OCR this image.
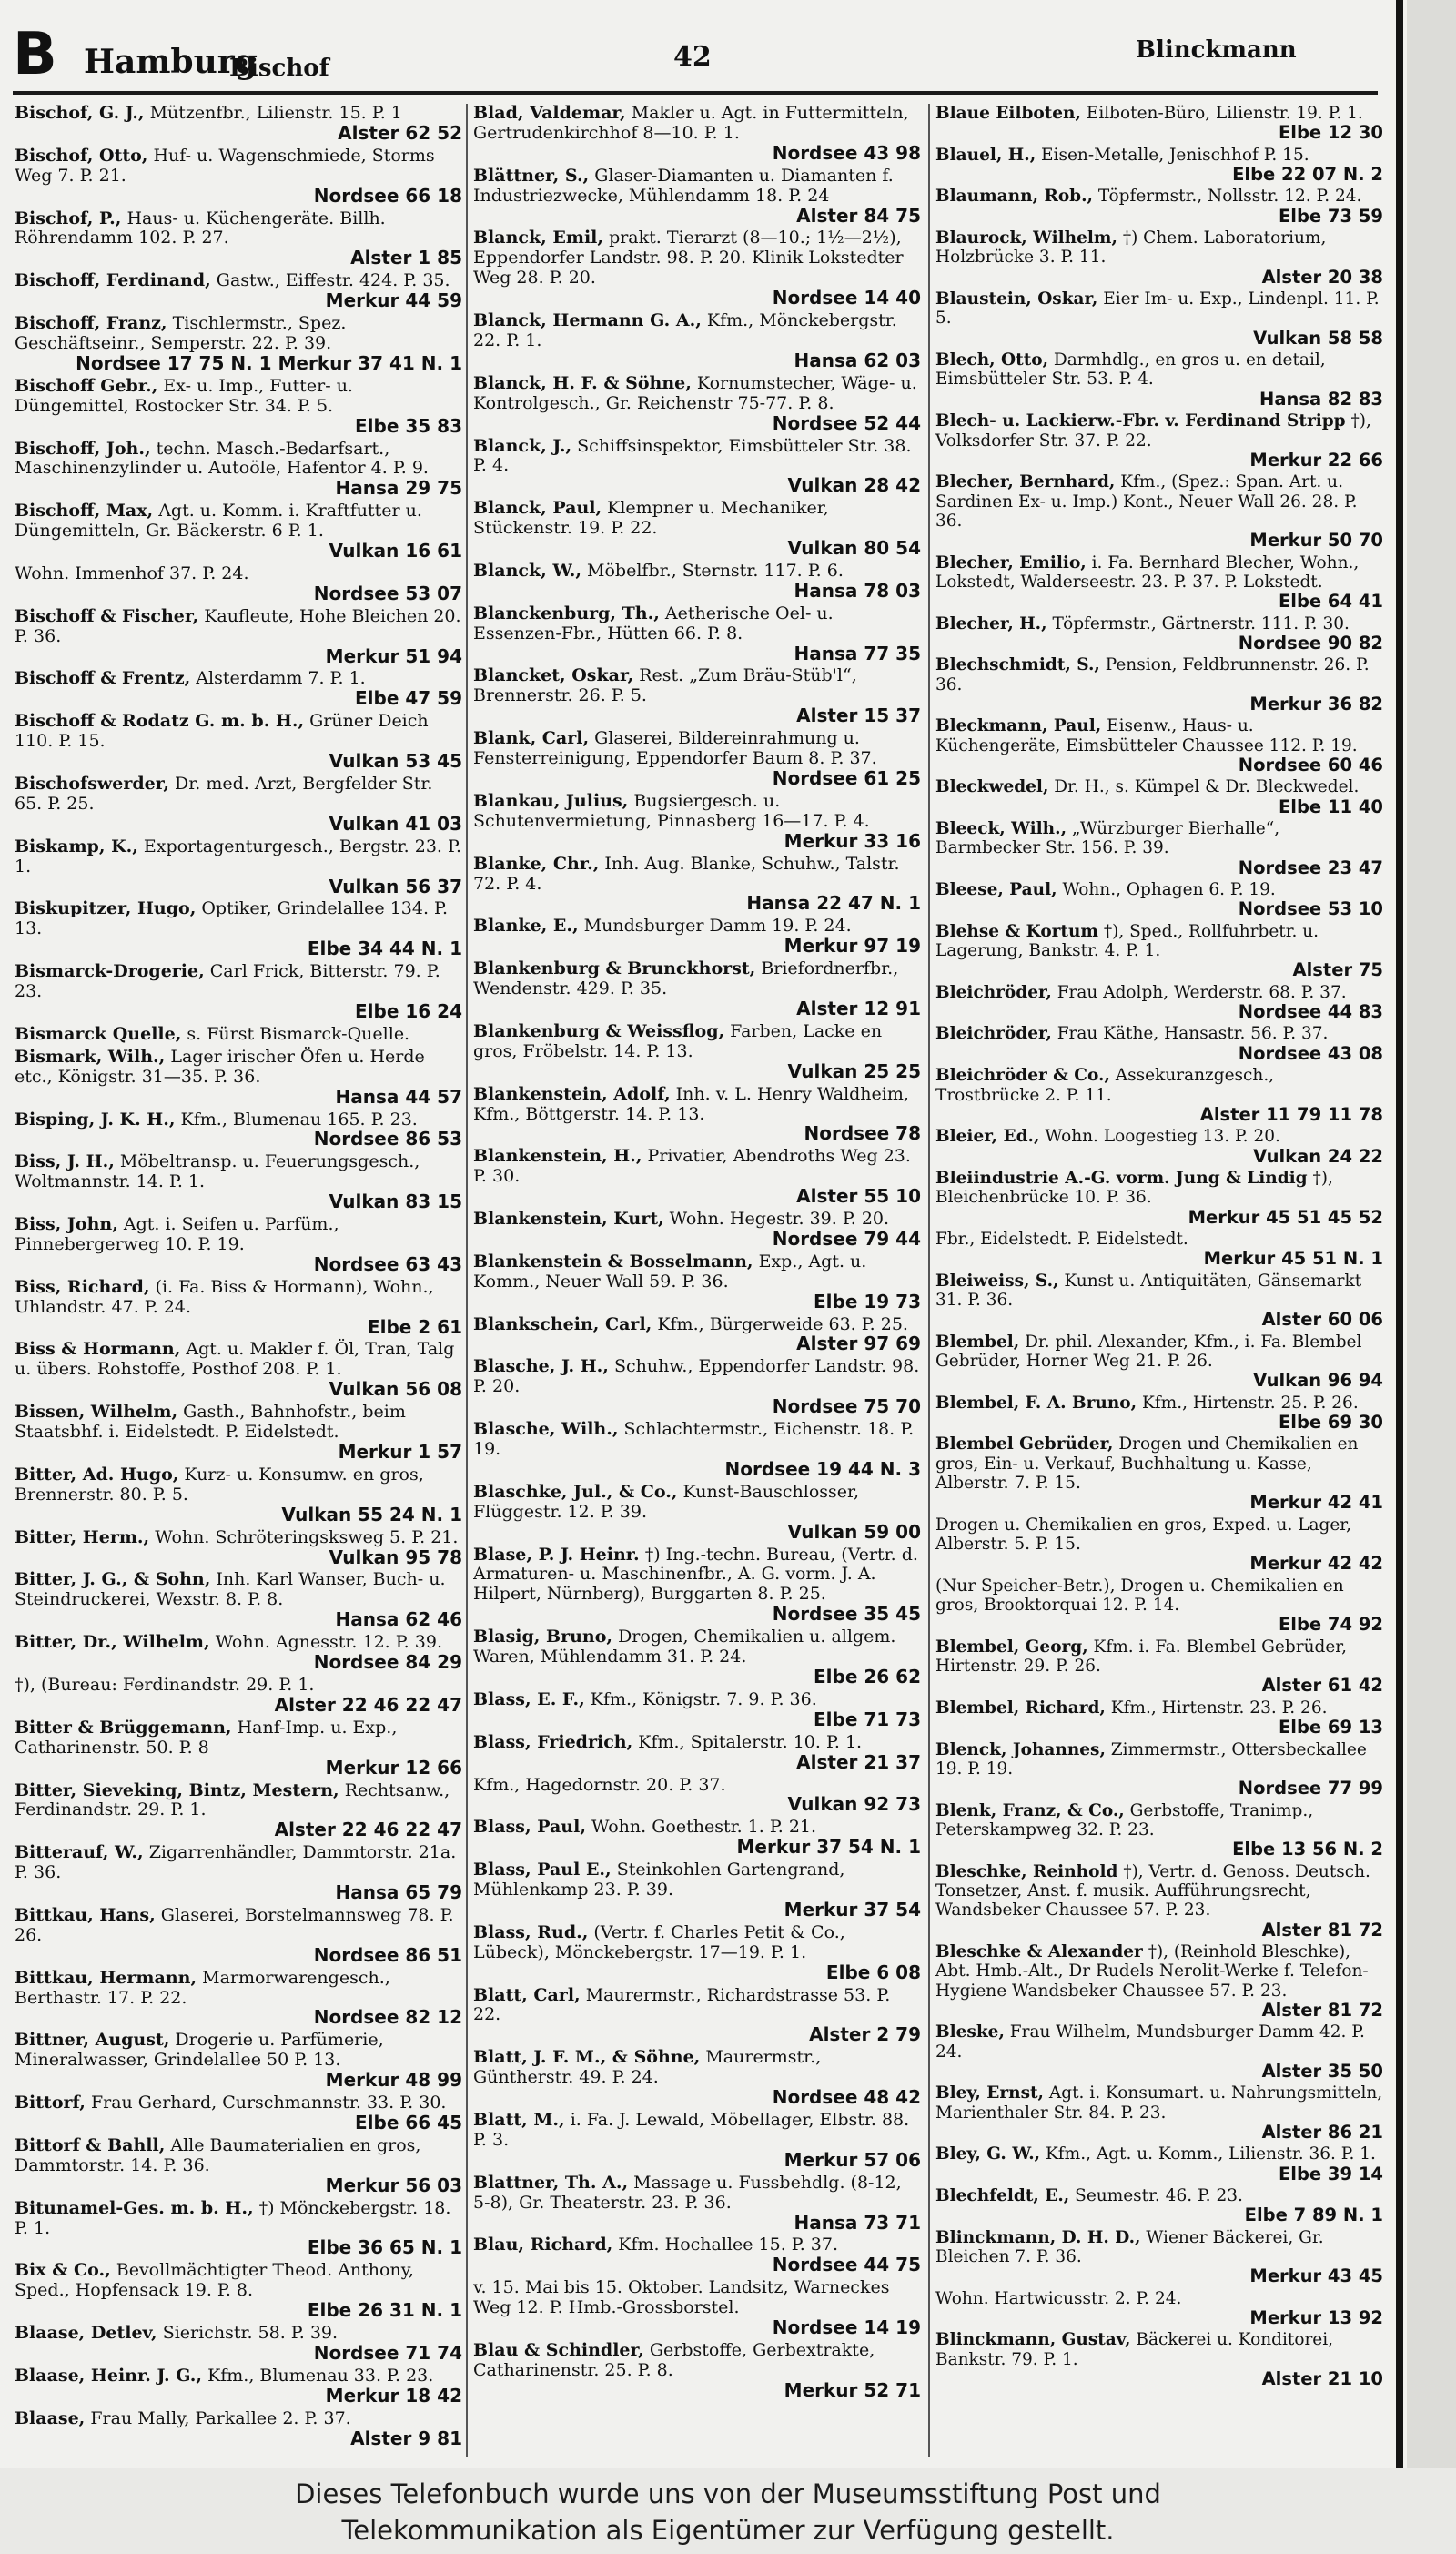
B Hamburg
Bischof	42	Blinckmann
Bischof, G. J., Mützenfbr., Lilienstr. 15. P. 1
Alster 62 52
Bischof, Otto, Huf- u. Wagenschmiede, Storms Weg 7. P. 21.
Nordsee 66 18
Bischof, P., Haus- u. Küchengeräte. Billh. Röhrendamm 102. P. 27.
Alster 1 85
Bischoff, Ferdinand, Gastw., Eiffestr. 424. P. 35.
Merkur 44 59
Bischoff, Franz, Tischlermstr., Spez. Geschäftseinr., Semperstr. 22. P. 39.
Nordsee 17 75 N. 1 Merkur 37 41 N. 1
Bischoff Gebr., Ex- u. Imp., Futter- u. Düngemittel, Rostocker Str. 34. P. 5.
Elbe 35 83
Bischoff, Joh., techn. Masch.-Bedarfsart., Maschinenzylinder u. Autoöle, Hafentor 4. P. 9.
Hansa 29 75
Bischoff, Max, Agt. u. Komm. i. Kraftfutter u. Düngemitteln, Gr. Bäckerstr. 6 P. 1.
Vulkan 16 61
Wohn. Immenhof 37. P. 24.
Nordsee 53 07
Bischoff & Fischer, Kaufleute, Hohe Bleichen 20. P. 36.
Merkur 51 94
Bischoff & Frentz, Alsterdamm 7. P. 1.
Elbe 47 59
Bischoff & Rodatz G. m. b. H., Grüner Deich 110. P. 15.
Vulkan 53 45
Bischofswerder, Dr. med. Arzt, Bergfelder Str. 65. P. 25.
Vulkan 41 03
Biskamp, K., Exportagenturgesch., Bergstr. 23. P. 1.
Vulkan 56 37
Biskupitzer, Hugo, Optiker, Grindelallee 134. P. 13.
Elbe 34 44 N. 1
Bismarck-Drogerie, Carl Frick, Bitterstr. 79. P. 23.
Elbe 16 24
Bismarck Quelle, s. Fürst Bismarck-Quelle.
Bismark, Wilh., Lager irischer Öfen u. Herde etc., Königstr. 31—35. P. 36.
Hansa 44 57
Bisping, J. K. H., Kfm., Blumenau 165. P. 23.
Nordsee 86 53
Biss, J. H., Möbeltransp. u. Feuerungsgesch., Woltmannstr. 14. P. 1.
Vulkan 83 15
Biss, John, Agt. i. Seifen u. Parfüm., Pinnebergerweg 10. P. 19.
Nordsee 63 43
Biss, Richard, (i. Fa. Biss & Hormann), Wohn., Uhlandstr. 47. P. 24.
Elbe 2 61
Biss & Hormann, Agt. u. Makler f. Öl, Tran, Talg u. übers. Rohstoffe, Posthof 208. P. 1.
Vulkan 56 08
Bissen, Wilhelm, Gasth., Bahnhofstr., beim Staatsbhf. i. Eidelstedt. P. Eidelstedt.
Merkur 1 57
Bitter, Ad. Hugo, Kurz- u. Konsumw. en gros, Brennerstr. 80. P. 5.
Vulkan 55 24 N. 1
Bitter, Herm., Wohn. Schröteringsksweg 5. P. 21.
Vulkan 95 78
Bitter, J. G., & Sohn, Inh. Karl Wanser, Buch- u. Steindruckerei, Wexstr. 8. P. 8.
Hansa 62 46
Bitter, Dr., Wilhelm, Wohn. Agnesstr. 12. P. 39.
Nordsee 84 29
†), (Bureau: Ferdinandstr. 29. P. 1.
Alster 22 46 22 47
Bitter & Brüggemann, Hanf-Imp. u. Exp., Catharinenstr. 50. P. 8
Merkur 12 66
Bitter, Sieveking, Bintz, Mestern, Rechtsanw., Ferdinandstr. 29. P. 1.
Alster 22 46 22 47
Bitterauf, W., Zigarrenhändler, Dammtorstr. 21a. P. 36.
Hansa 65 79
Bittkau, Hans, Glaserei, Borstelmannsweg 78. P. 26.
Nordsee 86 51
Bittkau, Hermann, Marmorwarengesch., Berthastr. 17. P. 22.
Nordsee 82 12
Bittner, August, Drogerie u. Parfümerie, Mineralwasser, Grindelallee 50 P. 13.
Merkur 48 99
Bittorf, Frau Gerhard, Curschmannstr. 33. P. 30.
Elbe 66 45
Bittorf & Bahll, Alle Baumaterialien en gros, Dammtorstr. 14. P. 36.
Merkur 56 03
Bitunamel-Ges. m. b. H., †) Mönckebergstr. 18. P. 1.
Elbe 36 65 N. 1
Bix & Co., Bevollmächtigter Theod. Anthony, Sped., Hopfensack 19. P. 8.
Elbe 26 31 N. 1
Blaase, Detlev, Sierichstr. 58. P. 39.
Nordsee 71 74
Blaase, Heinr. J. G., Kfm., Blumenau 33. P. 23.
Merkur 18 42
Blaase, Frau Mally, Parkallee 2. P. 37.
Alster 9 81
Blad, Valdemar, Makler u. Agt. in Futtermitteln, Gertrudenkirchhof 8—10. P. 1.
Nordsee 43 98
Blättner, S., Glaser-Diamanten u. Diamanten f. Industriezwecke, Mühlendamm 18. P. 24
Alster 84 75
Blanck, Emil, prakt. Tierarzt (8—10.; 1½—2½), Eppendorfer Landstr. 98. P. 20. Klinik Lokstedter Weg 28. P. 20.
Nordsee 14 40
Blanck, Hermann G. A., Kfm., Mönckebergstr. 22. P. 1.
Hansa 62 03
Blanck, H. F. & Söhne, Kornumstecher, Wäge- u. Kontrolgesch., Gr. Reichenstr 75-77. P. 8.
Nordsee 52 44
Blanck, J., Schiffsinspektor, Eimsbütteler Str. 38. P. 4.
Vulkan 28 42
Blanck, Paul, Klempner u. Mechaniker, Stückenstr. 19. P. 22.
Vulkan 80 54
Blanck, W., Möbelfbr., Sternstr. 117. P. 6.
Hansa 78 03
Blanckenburg, Th., Aetherische Oel- u. Essenzen-Fbr., Hütten 66. P. 8.
Hansa 77 35
Blancket, Oskar, Rest. „Zum Bräu-Stüb'l“, Brennerstr. 26. P. 5.
Alster 15 37
Blank, Carl, Glaserei, Bildereinrahmung u. Fensterreinigung, Eppendorfer Baum 8. P. 37.
Nordsee 61 25
Blankau, Julius, Bugsiergesch. u. Schutenvermietung, Pinnasberg 16—17. P. 4.
Merkur 33 16
Blanke, Chr., Inh. Aug. Blanke, Schuhw., Talstr. 72. P. 4.
Hansa 22 47 N. 1
Blanke, E., Mundsburger Damm 19. P. 24.
Merkur 97 19
Blankenburg & Brunckhorst, Briefordnerfbr., Wendenstr. 429. P. 35.
Alster 12 91
Blankenburg & Weissflog, Farben, Lacke en gros, Fröbelstr. 14. P. 13.
Vulkan 25 25
Blankenstein, Adolf, Inh. v. L. Henry Waldheim, Kfm., Böttgerstr. 14. P. 13.
Nordsee 78
Blankenstein, H., Privatier, Abendroths Weg 23. P. 30.
Alster 55 10
Blankenstein, Kurt, Wohn. Hegestr. 39. P. 20.
Nordsee 79 44
Blankenstein & Bosselmann, Exp., Agt. u. Komm., Neuer Wall 59. P. 36.
Elbe 19 73
Blankschein, Carl, Kfm., Bürgerweide 63. P. 25.
Alster 97 69
Blasche, J. H., Schuhw., Eppendorfer Landstr. 98. P. 20.
Nordsee 75 70
Blasche, Wilh., Schlachtermstr., Eichenstr. 18. P. 19.
Nordsee 19 44 N. 3
Blaschke, Jul., & Co., Kunst-Bauschlosser, Flüggestr. 12. P. 39.
Vulkan 59 00
Blase, P. J. Heinr. †) Ing.-techn. Bureau, (Vertr. d. Armaturen- u. Maschinenfbr., A. G. vorm. J. A. Hilpert, Nürnberg), Burggarten 8. P. 25.
Nordsee 35 45
Blasig, Bruno, Drogen, Chemikalien u. allgem. Waren, Mühlendamm 31. P. 24.
Elbe 26 62
Blass, E. F., Kfm., Königstr. 7. 9. P. 36.
Elbe 71 73
Blass, Friedrich, Kfm., Spitalerstr. 10. P. 1.
Alster 21 37
Kfm., Hagedornstr. 20. P. 37.
Vulkan 92 73
Blass, Paul, Wohn. Goethestr. 1. P. 21.
Merkur 37 54 N. 1
Blass, Paul E., Steinkohlen Gartengrand, Mühlenkamp 23. P. 39.
Merkur 37 54
Blass, Rud., (Vertr. f. Charles Petit & Co., Lübeck), Mönckebergstr. 17—19. P. 1.
Elbe 6 08
Blatt, Carl, Maurermstr., Richardstrasse 53. P. 22.
Alster 2 79
Blatt, J. F. M., & Söhne, Maurermstr., Güntherstr. 49. P. 24.
Nordsee 48 42
Blatt, M., i. Fa. J. Lewald, Möbellager, Elbstr. 88. P. 3.
Merkur 57 06
Blattner, Th. A., Massage u. Fussbehdlg. (8-12, 5-8), Gr. Theaterstr. 23. P. 36.
Hansa 73 71
Blau, Richard, Kfm. Hochallee 15. P. 37.
Nordsee 44 75
v. 15. Mai bis 15. Oktober. Landsitz, Warneckes Weg 12. P. Hmb.-Grossborstel.
Nordsee 14 19
Blau & Schindler, Gerbstoffe, Gerbextrakte, Catharinenstr. 25. P. 8.
Merkur 52 71
Blaue Eilboten, Eilboten-Büro, Lilienstr. 19. P. 1.
Elbe 12 30
Blauel, H., Eisen-Metalle, Jenischhof P. 15.
Elbe 22 07 N. 2
Blaumann, Rob., Töpfermstr., Nollsstr. 12. P. 24.
Elbe 73 59
Blaurock, Wilhelm, †) Chem. Laboratorium, Holzbrücke 3. P. 11.
Alster 20 38
Blaustein, Oskar, Eier Im- u. Exp., Lindenpl. 11. P. 5.
Vulkan 58 58
Blech, Otto, Darmhdlg., en gros u. en detail, Eimsbütteler Str. 53. P. 4.
Hansa 82 83
Blech- u. Lackierw.-Fbr. v. Ferdinand Stripp †), Volksdorfer Str. 37. P. 22.
Merkur 22 66
Blecher, Bernhard, Kfm., (Spez.: Span. Art. u. Sardinen Ex- u. Imp.) Kont., Neuer Wall 26. 28. P. 36.
Merkur 50 70
Blecher, Emilio, i. Fa. Bernhard Blecher, Wohn., Lokstedt, Walderseestr. 23. P. 37. P. Lokstedt.
Elbe 64 41
Blecher, H., Töpfermstr., Gärtnerstr. 111. P. 30.
Nordsee 90 82
Blechschmidt, S., Pension, Feldbrunnenstr. 26. P. 36.
Merkur 36 82
Bleckmann, Paul, Eisenw., Haus- u. Küchengeräte, Eimsbütteler Chaussee 112. P. 19.
Nordsee 60 46
Bleckwedel, Dr. H., s. Kümpel & Dr. Bleckwedel.
Elbe 11 40
Bleeck, Wilh., „Würzburger Bierhalle“, Barmbecker Str. 156. P. 39.
Nordsee 23 47
Bleese, Paul, Wohn., Ophagen 6. P. 19.
Nordsee 53 10
Blehse & Kortum †), Sped., Rollfuhrbetr. u. Lagerung, Bankstr. 4. P. 1.
Alster 75
Bleichröder, Frau Adolph, Werderstr. 68. P. 37.
Nordsee 44 83
Bleichröder, Frau Käthe, Hansastr. 56. P. 37.
Nordsee 43 08
Bleichröder & Co., Assekuranzgesch., Trostbrücke 2. P. 11.
Alster 11 79 11 78
Bleier, Ed., Wohn. Loogestieg 13. P. 20.
Vulkan 24 22
Bleiindustrie A.-G. vorm. Jung & Lindig †), Bleichenbrücke 10. P. 36.
Merkur 45 51 45 52
Fbr., Eidelstedt. P. Eidelstedt.
Merkur 45 51 N. 1
Bleiweiss, S., Kunst u. Antiquitäten, Gänsemarkt 31. P. 36.
Alster 60 06
Blembel, Dr. phil. Alexander, Kfm., i. Fa. Blembel Gebrüder, Horner Weg 21. P. 26.
Vulkan 96 94
Blembel, F. A. Bruno, Kfm., Hirtenstr. 25. P. 26.
Elbe 69 30
Blembel Gebrüder, Drogen und Chemikalien en gros, Ein- u. Verkauf, Buchhaltung u. Kasse, Alberstr. 7. P. 15.
Merkur 42 41
Drogen u. Chemikalien en gros, Exped. u. Lager, Alberstr. 5. P. 15.
Merkur 42 42
(Nur Speicher-Betr.), Drogen u. Chemikalien en gros, Brooktorquai 12. P. 14.
Elbe 74 92
Blembel, Georg, Kfm. i. Fa. Blembel Gebrüder, Hirtenstr. 29. P. 26.
Alster 61 42
Blembel, Richard, Kfm., Hirtenstr. 23. P. 26.
Elbe 69 13
Blenck, Johannes, Zimmermstr., Ottersbeckallee 19. P. 19.
Nordsee 77 99
Blenk, Franz, & Co., Gerbstoffe, Tranimp., Peterskampweg 32. P. 23.
Elbe 13 56 N. 2
Bleschke, Reinhold †), Vertr. d. Genoss. Deutsch. Tonsetzer, Anst. f. musik. Aufführungsrecht, Wandsbeker Chaussee 57. P. 23.
Alster 81 72
Bleschke & Alexander †), (Reinhold Bleschke), Abt. Hmb.-Alt., Dr Rudels Nerolit-Werke f. Telefon-Hygiene Wandsbeker Chaussee 57. P. 23.
Alster 81 72
Bleske, Frau Wilhelm, Mundsburger Damm 42. P. 24.
Alster 35 50
Bley, Ernst, Agt. i. Konsumart. u. Nahrungsmitteln, Marienthaler Str. 84. P. 23.
Alster 86 21
Bley, G. W., Kfm., Agt. u. Komm., Lilienstr. 36. P. 1.
Elbe 39 14
Blechfeldt, E., Seumestr. 46. P. 23.
Elbe 7 89 N. 1
Blinckmann, D. H. D., Wiener Bäckerei, Gr. Bleichen 7. P. 36.
Merkur 43 45
Wohn. Hartwicusstr. 2. P. 24.
Merkur 13 92
Blinckmann, Gustav, Bäckerei u. Konditorei, Bankstr. 79. P. 1.
Alster 21 10
Dieses Telefonbuch wurde uns von der Museumsstiftung Post und
Telekommunikation als Eigentümer zur Verfügung gestellt.
